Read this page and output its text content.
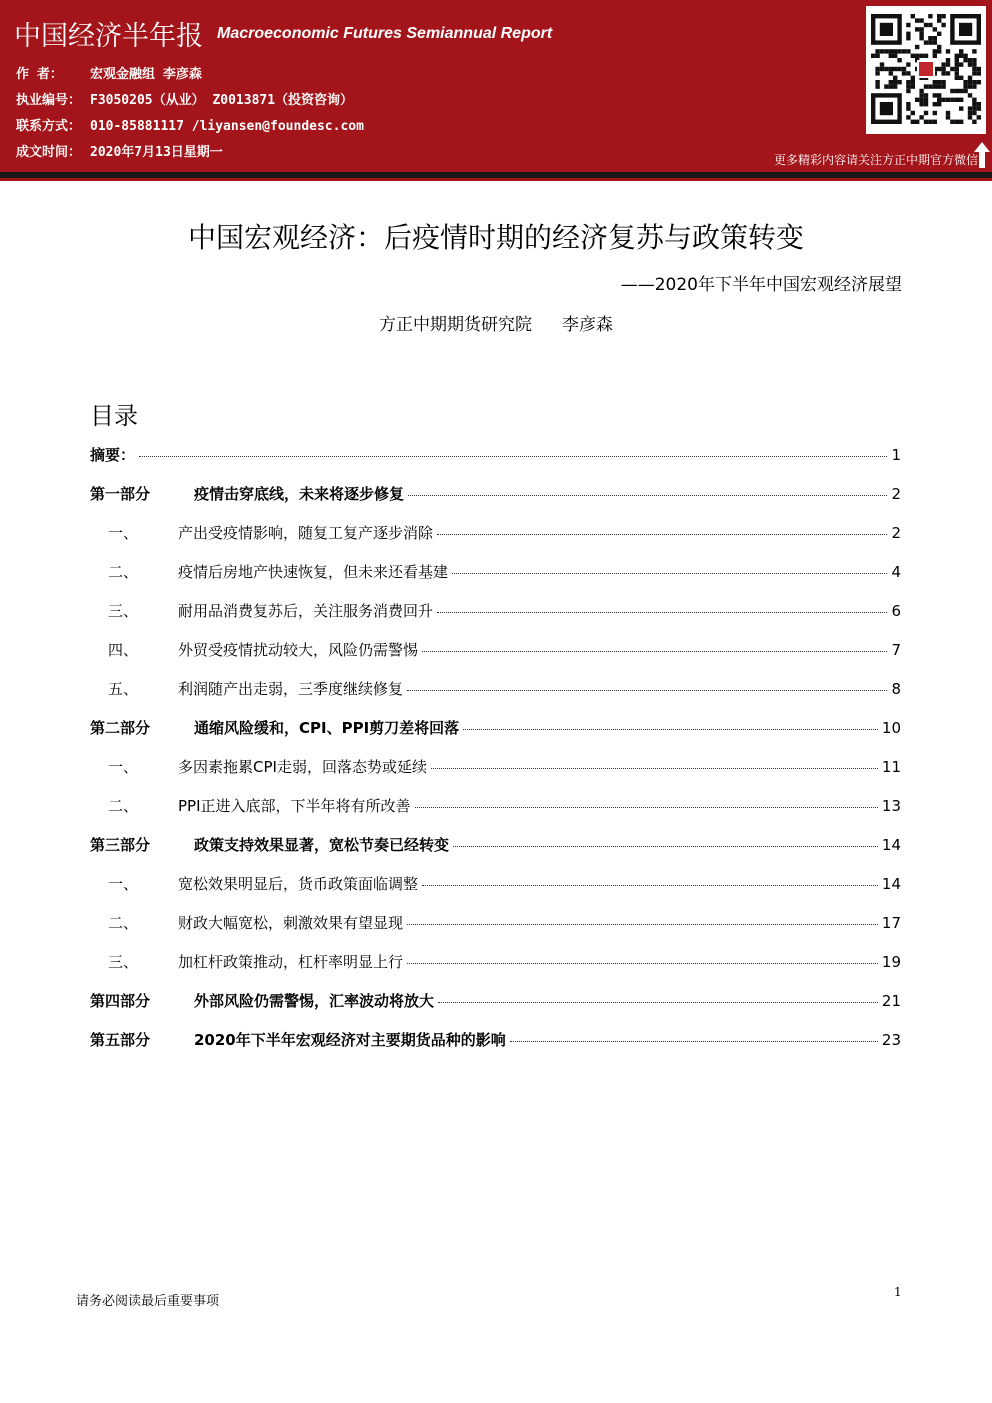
中国经济半年报 Macroeconomic Futures Semiannual Report
作 者： 宏观金融组 李彦森
执业编号： F3050205（从业） Z0013871（投资咨询）
联系方式： 010-85881117 /liyansen@foundesc.com
成文时间： 2020年7月13日星期一	更多精彩内容请关注方正中期官方微信
中国宏观经济：后疫情时期的经济复苏与政策转变
——2020年下半年中国宏观经济展望
方正中期期货研究院 李彦森
目录
摘要：	1
第一部分	疫情击穿底线，未来将逐步修复	2
一、	产出受疫情影响，随复工复产逐步消除	2
二、	疫情后房地产快速恢复，但未来还看基建	4
三、	耐用品消费复苏后，关注服务消费回升	6
四、	外贸受疫情扰动较大，风险仍需警惕	7
五、	利润随产出走弱，三季度继续修复	8
第二部分	通缩风险缓和，CPI、PPI剪刀差将回落	10
一、	多因素拖累CPI走弱，回落态势或延续	11
二、	PPI正进入底部，下半年将有所改善	13
第三部分	政策支持效果显著，宽松节奏已经转变	14
一、	宽松效果明显后，货币政策面临调整	14
二、	财政大幅宽松，刺激效果有望显现	17
三、	加杠杆政策推动，杠杆率明显上行	19
第四部分	外部风险仍需警惕，汇率波动将放大	21
第五部分	2020年下半年宏观经济对主要期货品种的影响	23
请务必阅读最后重要事项
1
